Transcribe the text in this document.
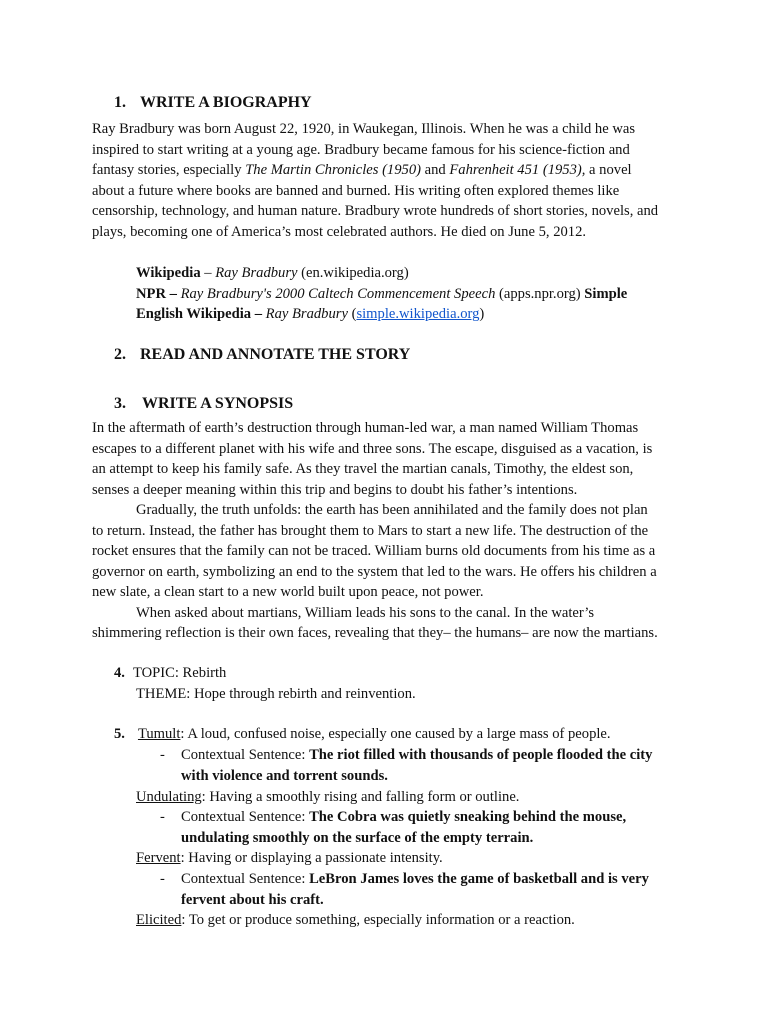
1. WRITE A BIOGRAPHY
Ray Bradbury was born August 22, 1920, in Waukegan, Illinois. When he was a child he was
inspired to start writing at a young age. Bradbury became famous for his science-fiction and
fantasy stories, especially The Martin Chronicles (1950) and Fahrenheit 451 (1953), a novel
about a future where books are banned and burned. His writing often explored themes like
censorship, technology, and human nature. Bradbury wrote hundreds of short stories, novels, and
plays, becoming one of America’s most celebrated authors. He died on June 5, 2012.
Wikipedia – Ray Bradbury (en.wikipedia.org)
NPR – Ray Bradbury's 2000 Caltech Commencement Speech (apps.npr.org) Simple
English Wikipedia – Ray Bradbury (simple.wikipedia.org)
2. READ AND ANNOTATE THE STORY
3. WRITE A SYNOPSIS
In the aftermath of earth’s destruction through human-led war, a man named William Thomas
escapes to a different planet with his wife and three sons. The escape, disguised as a vacation, is
an attempt to keep his family safe. As they travel the martian canals, Timothy, the eldest son,
senses a deeper meaning within this trip and begins to doubt his father’s intentions.
Gradually, the truth unfolds: the earth has been annihilated and the family does not plan
to return. Instead, the father has brought them to Mars to start a new life. The destruction of the
rocket ensures that the family can not be traced. William burns old documents from his time as a
governor on earth, symbolizing an end to the system that led to the wars. He offers his children a
new slate, a clean start to a new world built upon peace, not power.
When asked about martians, William leads his sons to the canal. In the water’s
shimmering reflection is their own faces, revealing that they– the humans– are now the martians.
4. TOPIC: Rebirth
THEME: Hope through rebirth and reinvention.
5. Tumult: A loud, confused noise, especially one caused by a large mass of people.
- Contextual Sentence: The riot filled with thousands of people flooded the city
with violence and torrent sounds.
Undulating: Having a smoothly rising and falling form or outline.
- Contextual Sentence: The Cobra was quietly sneaking behind the mouse,
undulating smoothly on the surface of the empty terrain.
Fervent: Having or displaying a passionate intensity.
- Contextual Sentence: LeBron James loves the game of basketball and is very
fervent about his craft.
Elicited: To get or produce something, especially information or a reaction.
